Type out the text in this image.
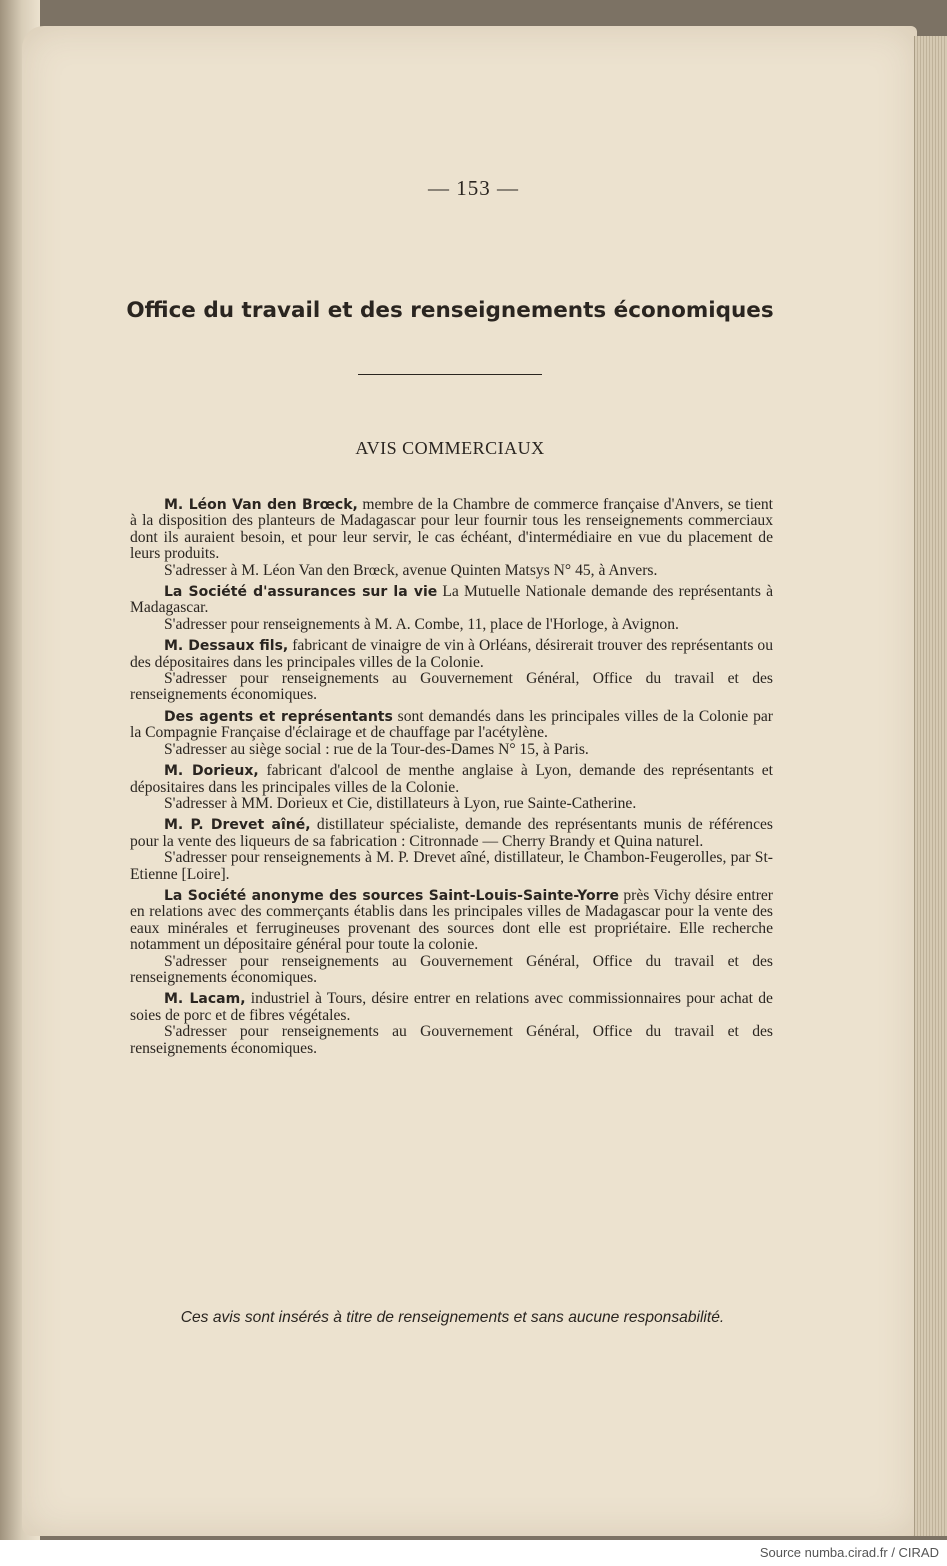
— 153 —
Office du travail et des renseignements économiques
AVIS COMMERCIAUX

M. Léon Van den Brœck, membre de la Chambre de commerce française d'Anvers, se tient à la disposition des planteurs de Madagascar pour leur fournir tous les renseignements commerciaux dont ils auraient besoin, et pour leur servir, le cas échéant, d'intermédiaire en vue du placement de leurs produits.

S'adresser à M. Léon Van den Brœck, avenue Quinten Matsys N° 45, à Anvers.

La Société d'assurances sur la vie La Mutuelle Nationale demande des représentants à Madagascar.

S'adresser pour renseignements à M. A. Combe, 11, place de l'Horloge, à Avignon.

M. Dessaux fils, fabricant de vinaigre de vin à Orléans, désirerait trouver des représentants ou des dépositaires dans les principales villes de la Colonie.

S'adresser pour renseignements au Gouvernement Général, Office du travail et des renseignements économiques.

Des agents et représentants sont demandés dans les principales villes de la Colonie par la Compagnie Française d'éclairage et de chauffage par l'acétylène.

S'adresser au siège social : rue de la Tour-des-Dames N° 15, à Paris.

M. Dorieux, fabricant d'alcool de menthe anglaise à Lyon, demande des représentants et dépositaires dans les principales villes de la Colonie.

S'adresser à MM. Dorieux et Cie, distillateurs à Lyon, rue Sainte-Catherine.

M. P. Drevet aîné, distillateur spécialiste, demande des représentants munis de références pour la vente des liqueurs de sa fabrication : Citronnade — Cherry Brandy et Quina naturel.

S'adresser pour renseignements à M. P. Drevet aîné, distillateur, le Chambon-Feugerolles, par St-Etienne [Loire].

La Société anonyme des sources Saint-Louis-Sainte-Yorre près Vichy désire entrer en relations avec des commerçants établis dans les principales villes de Madagascar pour la vente des eaux minérales et ferrugineuses provenant des sources dont elle est propriétaire. Elle recherche notamment un dépositaire général pour toute la colonie.

S'adresser pour renseignements au Gouvernement Général, Office du travail et des renseignements économiques.

M. Lacam, industriel à Tours, désire entrer en relations avec commissionnaires pour achat de soies de porc et de fibres végétales.

S'adresser pour renseignements au Gouvernement Général, Office du travail et des renseignements économiques.

Ces avis sont insérés à titre de renseignements et sans aucune responsabilité.
Source numba.cirad.fr / CIRAD
